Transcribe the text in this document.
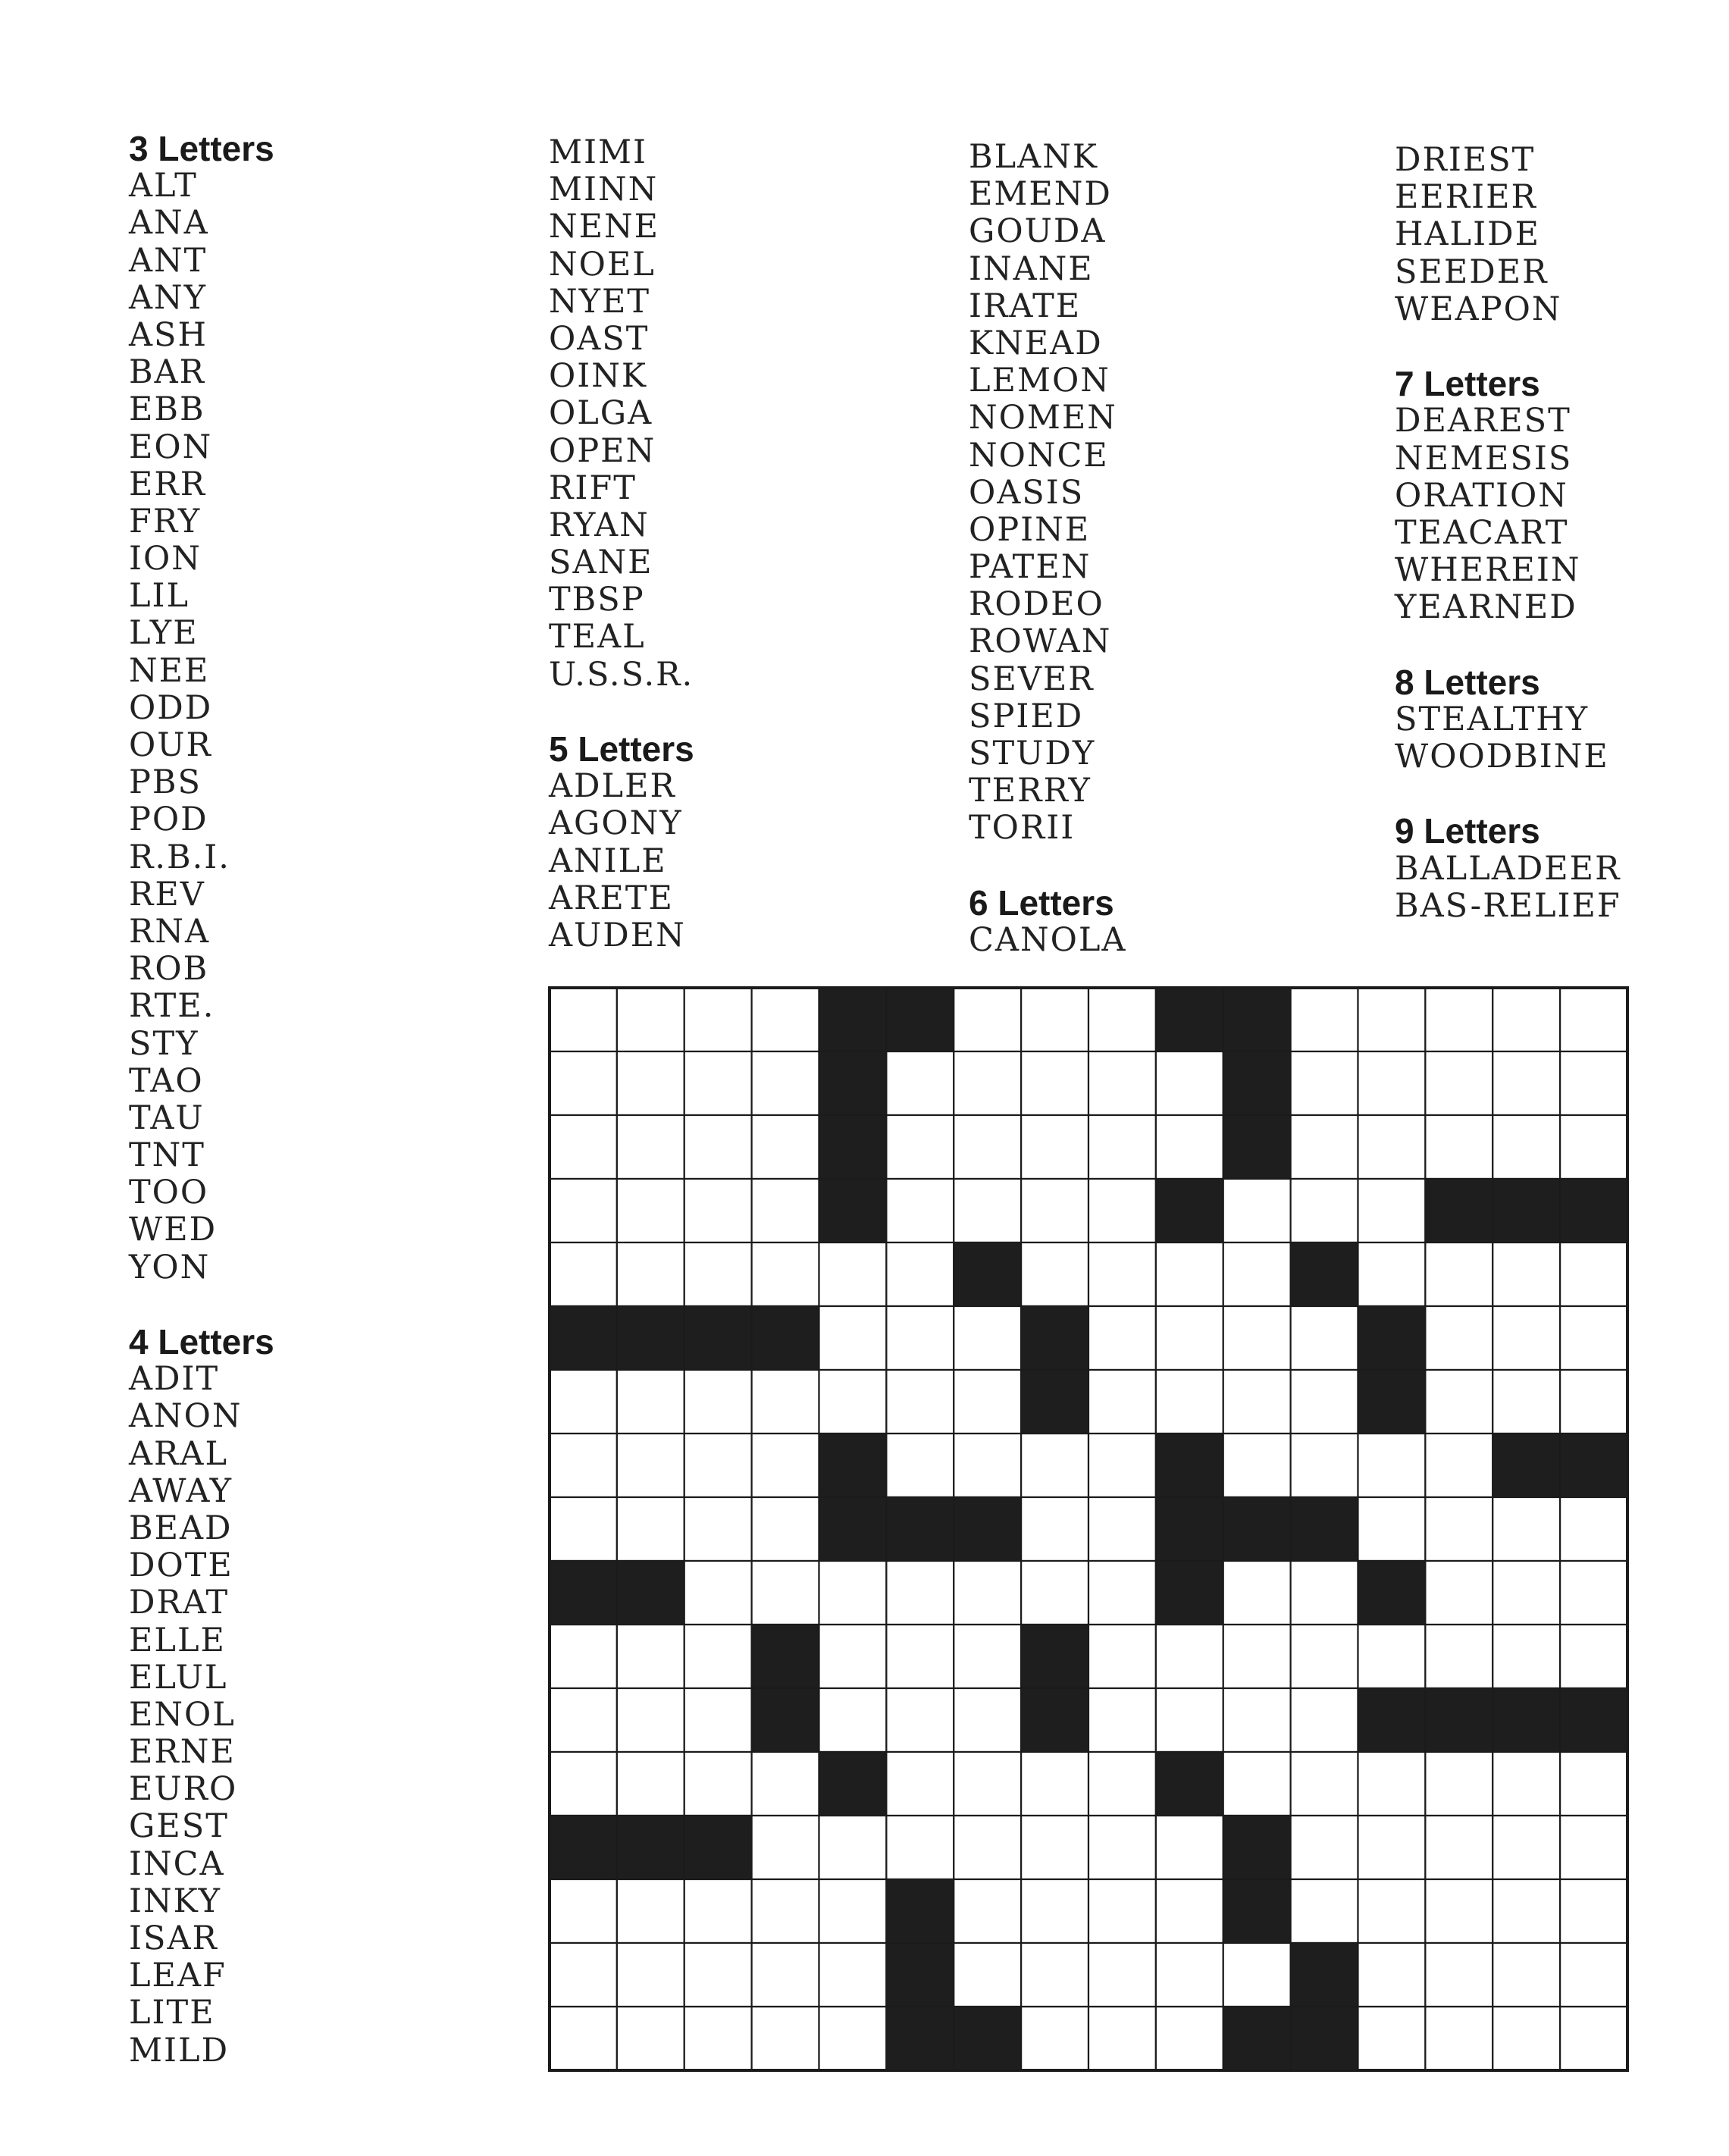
3 Letters
ALT
ANA
ANT
ANY
ASH
BAR
EBB
EON
ERR
FRY
ION
LIL
LYE
NEE
ODD
OUR
PBS
POD
R.B.I.
REV
RNA
ROB
RTE.
STY
TAO
TAU
TNT
TOO
WED
YON
4 Letters
ADIT
ANON
ARAL
AWAY
BEAD
DOTE
DRAT
ELLE
ELUL
ENOL
ERNE
EURO
GEST
INCA
INKY
ISAR
LEAF
LITE
MILD
MIMI
MINN
NENE
NOEL
NYET
OAST
OINK
OLGA
OPEN
RIFT
RYAN
SANE
TBSP
TEAL
U.S.S.R.
5 Letters
ADLER
AGONY
ANILE
ARETE
AUDEN
BLANK
EMEND
GOUDA
INANE
IRATE
KNEAD
LEMON
NOMEN
NONCE
OASIS
OPINE
PATEN
RODEO
ROWAN
SEVER
SPIED
STUDY
TERRY
TORII
6 Letters
CANOLA
DRIEST
EERIER
HALIDE
SEEDER
WEAPON
7 Letters
DEAREST
NEMESIS
ORATION
TEACART
WHEREIN
YEARNED
8 Letters
STEALTHY
WOODBINE
9 Letters
BALLADEER
BAS-RELIEF
